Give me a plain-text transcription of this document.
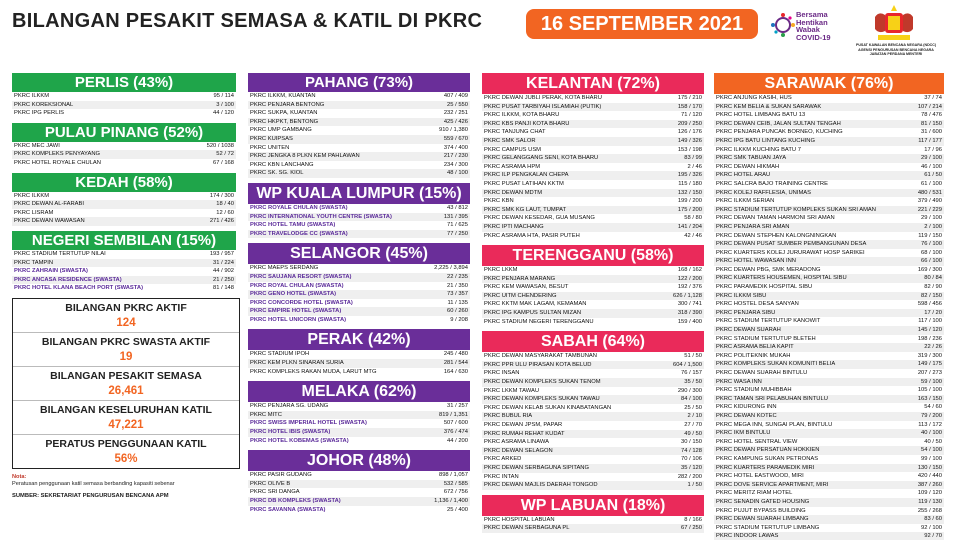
BILANGAN PESAKIT SEMASA & KATIL DI PKRC	16 SEPTEMBER 2021	Bersama
Hentikan
Wabak
COVID-19
PUSAT KAWALAN BENCANA NEGARA (NDCC)
AGENSI PENGURUSAN BENCANA NEGARA
JABATAN PERDANA MENTERI
PERLIS (43%)
PKRC ILKKM	95 / 114
PKRC KOREKSIONAL	3 / 100
PKRC IPG PERLIS	44 / 120
PULAU PINANG (52%)
PKRC MEC JAWI	520 / 1038
PKRC KOMPLEKS PENYAYANG	52 / 72
PKRC HOTEL ROYALE CHULAN	67 / 168
KEDAH (58%)
PKRC ILKKM	174 / 300
PKRC DEWAN AL-FARABI	18 / 40
PKRC LISRAM	12 / 60
PKRC DEWAN WAWASAN	271 / 426
NEGERI SEMBILAN (15%)
PKRC STADIUM TERTUTUP NILAI	193 / 957
PKRC TAMPIN	31 / 224
PKRC ZAHRAIN (SWASTA)	44 / 902
PKRC ANCASA RESIDENCE (SWASTA)	21 / 250
PKRC HOTEL KLANA BEACH PORT (SWASTA)	81 / 148
BILANGAN PKRC AKTIF
124
BILANGAN PKRC SWASTA AKTIF
19
BILANGAN PESAKIT SEMASA
26,461
BILANGAN KESELURUHAN KATIL
47,221
PERATUS PENGGUNAAN KATIL
56%
Nota:
Peratusan penggunaan katil semasa berbanding kapasiti sebenar
SUMBER: SEKRETARIAT PENGURUSAN BENCANA APM
PAHANG (73%)
PKRC ILKKM, KUANTAN	407 / 409
PKRC PENJARA BENTONG	25 / 550
PKRC SUKPA, KUANTAN	232 / 251
PKRC HKPKT, BENTONG	425 / 426
PKRC UMP GAMBANG	910 / 1,380
PKRC KUIPSAS	559 / 670
PKRC UNITEN	374 / 400
PKRC JENGKA 8 PLKN KEM PAHLAWAN	217 / 230
PKRC KBN LANCHANG	234 / 300
PKRC SK. SG. KIOL	48 / 100
WP KUALA LUMPUR (15%)
PKRC ROYALE CHULAN (SWASTA)	43 / 812
PKRC INTERNATIONAL YOUTH CENTRE (SWASTA)	131 / 395
PKRC HOTEL TAMU (SWASTA)	71 / 625
PKRC TRAVELODGE CC (SWASTA)	77 / 250
SELANGOR (45%)
PKRC MAEPS SERDANG	2,225 / 3,894
PKRC SAUJANA RESORT (SWASTA)	22 / 235
PKRC ROYAL CHULAN (SWASTA)	21 / 350
PKRC GENO HOTEL (SWASTA)	73 / 357
PKRC CONCORDE HOTEL (SWASTA)	11 / 135
PKRC EMPIRE HOTEL (SWASTA)	60 / 260
PKRC HOTEL UNICORN (SWASTA)	9 / 208
PERAK (42%)
PKRC STADIUM IPOH	245 / 480
PKRC KEM PLKN SINARAN SURIA	281 / 544
PKRC KOMPLEKS RAKAN MUDA, LARUT MTG	164 / 630
MELAKA (62%)
PKRC PENJARA SG. UDANG	31 / 257
PKRC MITC	819 / 1,351
PKRC SWISS IMPERIAL HOTEL (SWASTA)	507 / 600
PKRC HOTEL IBIS (SWASTA)	376 / 474
PKRC HOTEL KOBEMAS (SWASTA)	44 / 200
JOHOR (48%)
PKRC PASIR GUDANG	898 / 1,057
PKRC OLIVE B	532 / 585
PKRC SRI DANGA	672 / 756
PKRC DB KOMPLEKS (SWASTA)	1,136 / 1,400
PKRC SAVANNA (SWASTA)	25 / 400
KELANTAN (72%)
PKRC DEWAN JUBLI PERAK, KOTA BHARU	175 / 210
PKRC PUSAT TARBIYAH ISLAMIAH (PUTIK)	158 / 170
PKRC ILKKM, KOTA BHARU	71 / 120
PKRC KBS PANJI KOTA BHARU	209 / 250
PKRC TANJUNG CHAT	126 / 176
PKRC SMK SALOR	149 / 326
PKRC CAMPUS USM	153 / 198
PKRC GELANGGANG SENI, KOTA BHARU	83 / 99
PKRC ASRAMA HPM	2 / 46
PKRC ILP PENGKALAN CHEPA	195 / 326
PKRC PUSAT LATIHAN KKTM	115 / 180
PKRC DEWAN MDTM	132 / 150
PKRC KBN	199 / 200
PKRC SMK KG LAUT, TUMPAT	175 / 200
PKRC DEWAN KESEDAR, GUA MUSANG	58 / 80
PKRC IPTI MACHANG	141 / 204
PKRC ASRAMA HTA, PASIR PUTEH	42 / 46
TERENGGANU (58%)
PKRC LKKM	168 / 162
PKRC PENJARA MARANG	122 / 200
PKRC KEM WAWASAN, BESUT	192 / 376
PKRC UITM CHENDERING	626 / 1,128
PKRC KKTM MAK LAGAM, KEMAMAN	300 / 741
PKRC IPG KAMPUS SULTAN MIZAN	318 / 390
PKRC STADIUM NEGERI TERENGGANU	159 / 400
SABAH (64%)
PKRC DEWAN MASYARAKAT TAMBUNAN	51 / 50
PKRC PPR ULU PIRASAN KOTA BELUD	604 / 1,500
PKRC INSAN	76 / 157
PKRC DEWAN KOMPLEKS SUKAN TENOM	35 / 50
PKRC LKKM TAWAU	290 / 300
PKRC DEWAN KOMPLEKS SUKAN TAWAU	84 / 100
PKRC DEWAN KELAB SUKAN KINABATANGAN	25 / 50
PKRC BUBUL RIA	2 / 10
PKRC DEWAN JPSM, PAPAR	27 / 70
PKRC RUMAH REHAT KUDAT	49 / 50
PKRC ASRAMA LINAWA	30 / 150
PKRC DEWAN SELAGON	74 / 128
PKRC ARKED	70 / 106
PKRC DEWAN SERBAGUNA SIPITANG	35 / 120
PKRC INTAN	282 / 200
PKRC DEWAN MAJLIS DAERAH TONGOD	1 / 50
WP LABUAN (18%)
PKRC HOSPITAL LABUAN	8 / 166
PKRC DEWAN SERBAGUNA PL	67 / 250
SARAWAK (76%)
PKRC ANJUNG KASIH, HUS	37 / 74
PKRC KEM BELIA & SUKAN SARAWAK	107 / 214
PKRC HOTEL LIMBANG BATU 13	78 / 476
PKRC DEWAN CEIB, JALAN SULTAN TENGAH	81 / 150
PKRC PENJARA PUNCAK BORNEO, KUCHING	31 / 600
PKRC IPG BATU LINTANG KUCHING	117 / 177
PKRC ILKKM KUCHING BATU 7	17 / 96
PKRC SMK TABUAN JAYA	29 / 100
PKRC DEWAN HIKMAH	46 / 100
PKRC HOTEL ARAU	61 / 50
PKRC SALCRA BAJO TRAINING CENTRE	61 / 100
PKRC KOLEJ RAFFLESIA, UNIMAS	480 / 531
PKRC ILKKM SERIAN	379 / 490
PKRC STADIUM TERTUTUP KOMPLEKS SUKAN SRI AMAN	221 / 229
PKRC DEWAN TAMAN HARMONI SRI AMAN	29 / 100
PKRC PENJARA SRI AMAN	2 / 100
PKRC DEWAN STEPHEN KALONGNINGKAN	119 / 150
PKRC DEWAN PUSAT SUMBER PEMBANGUNAN DESA	76 / 100
PKRC KUARTERS KOLEJ JURURAWAT HOSP SARIKEI	68 / 100
PKRC HOTEL WAWASAN INN	66 / 100
PKRC DEWAN PBG, SMK MERADONG	169 / 300
PKRC KUARTERS HOUSEMEN, HOSPITAL SIBU	80 / 84
PKRC PARAMEDIK HOSPITAL SIBU	82 / 90
PKRC ILKKM SIBU	82 / 150
PKRC HOSTEL DESA SANYAN	598 / 456
PKRC PENJARA SIBU	17 / 20
PKRC STADIUM TERTUTUP KANOWIT	117 / 100
PKRC DEWAN SUARAH	145 / 120
PKRC STADIUM TERTUTUP BLETEH	198 / 236
PKRC ASRAMA BELIA KAPIT	22 / 26
PKRC POLITEKNIK MUKAH	319 / 300
PKRC KOMPLEKS SUKAN KOMUNITI BELIA	149 / 175
PKRC DEWAN SUARAH BINTULU	207 / 273
PKRC WASA INN	59 / 100
PKRC STADIUM MUHIBBAH	105 / 100
PKRC TAMAN SRI PELABUHAN BINTULU	163 / 150
PKRC KIDURONG INN	54 / 60
PKRC DEWAN KOTEC	79 / 200
PKRC MEGA INN, SUNGAI PLAN, BINTULU	113 / 172
PKRC IKM BINTULU	40 / 100
PKRC HOTEL SENTRAL VIEW	40 / 50
PKRC DEWAN PERSATUAN HOKKIEN	54 / 100
PKRC KAMPUNG SUKAN PETRONAS	99 / 100
PKRC KUARTERS PARAMEDIK MIRI	130 / 150
PKRC HOTEL EASTWOOD, MIRI	420 / 440
PKRC DOVE SERVICE APARTMENT, MIRI	387 / 260
PKRC MERITZ RIAM HOTEL	109 / 120
PKRC SENADIN GATED HOUSING	119 / 130
PKRC PUJUT BYPASS BUILDING	255 / 268
PKRC DEWAN SUARAH LIMBANG	83 / 60
PKRC STADIUM TERTUTUP LIMBANG	92 / 100
PKRC INDOOR LAWAS	92 / 70
